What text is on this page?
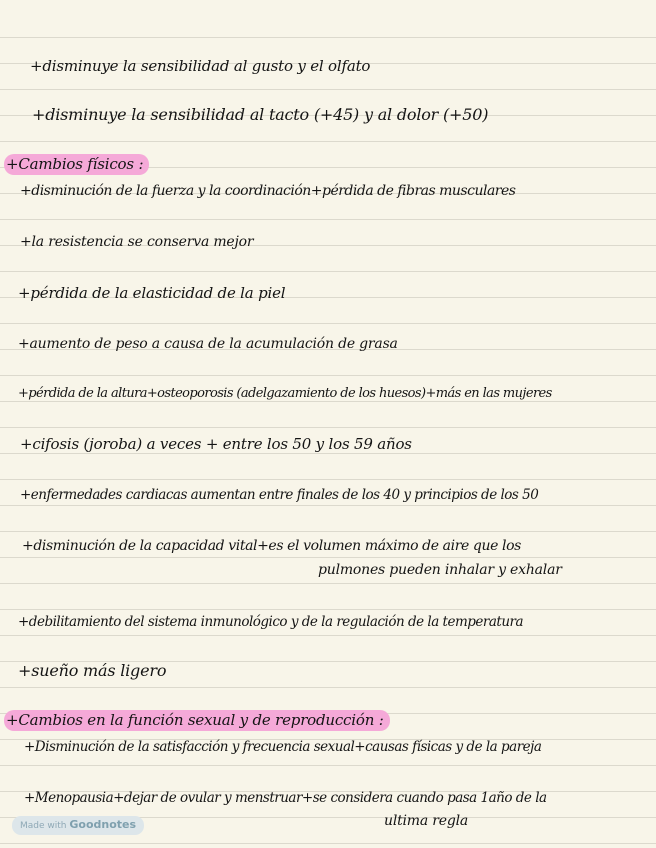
+disminuye la sensibilidad al gusto y el olfato
+disminuye la sensibilidad al tacto (+45) y al dolor (+50)
+Cambios físicos :
+disminución de la fuerza y la coordinación+pérdida de fibras musculares
+la resistencia se conserva mejor
+pérdida de la elasticidad de la piel
+aumento de peso a causa de la acumulación de grasa
+pérdida de la altura+osteoporosis (adelgazamiento de los huesos)+más en las mujeres
+cifosis (joroba) a veces + entre los 50 y los 59 años
+enfermedades cardiacas aumentan entre finales de los 40 y principios de los 50
+disminución de la capacidad vital+es el volumen máximo de aire que los
pulmones pueden inhalar y exhalar
+debilitamiento del sistema inmunológico y de la regulación de la temperatura
+sueño más ligero
+Cambios en la función sexual y de reproducción :
+Disminución de la satisfacción y frecuencia sexual+causas físicas y de la pareja
+Menopausia+dejar de ovular y menstruar+se considera cuando pasa 1año de la
ultima regla
Made with Goodnotes
